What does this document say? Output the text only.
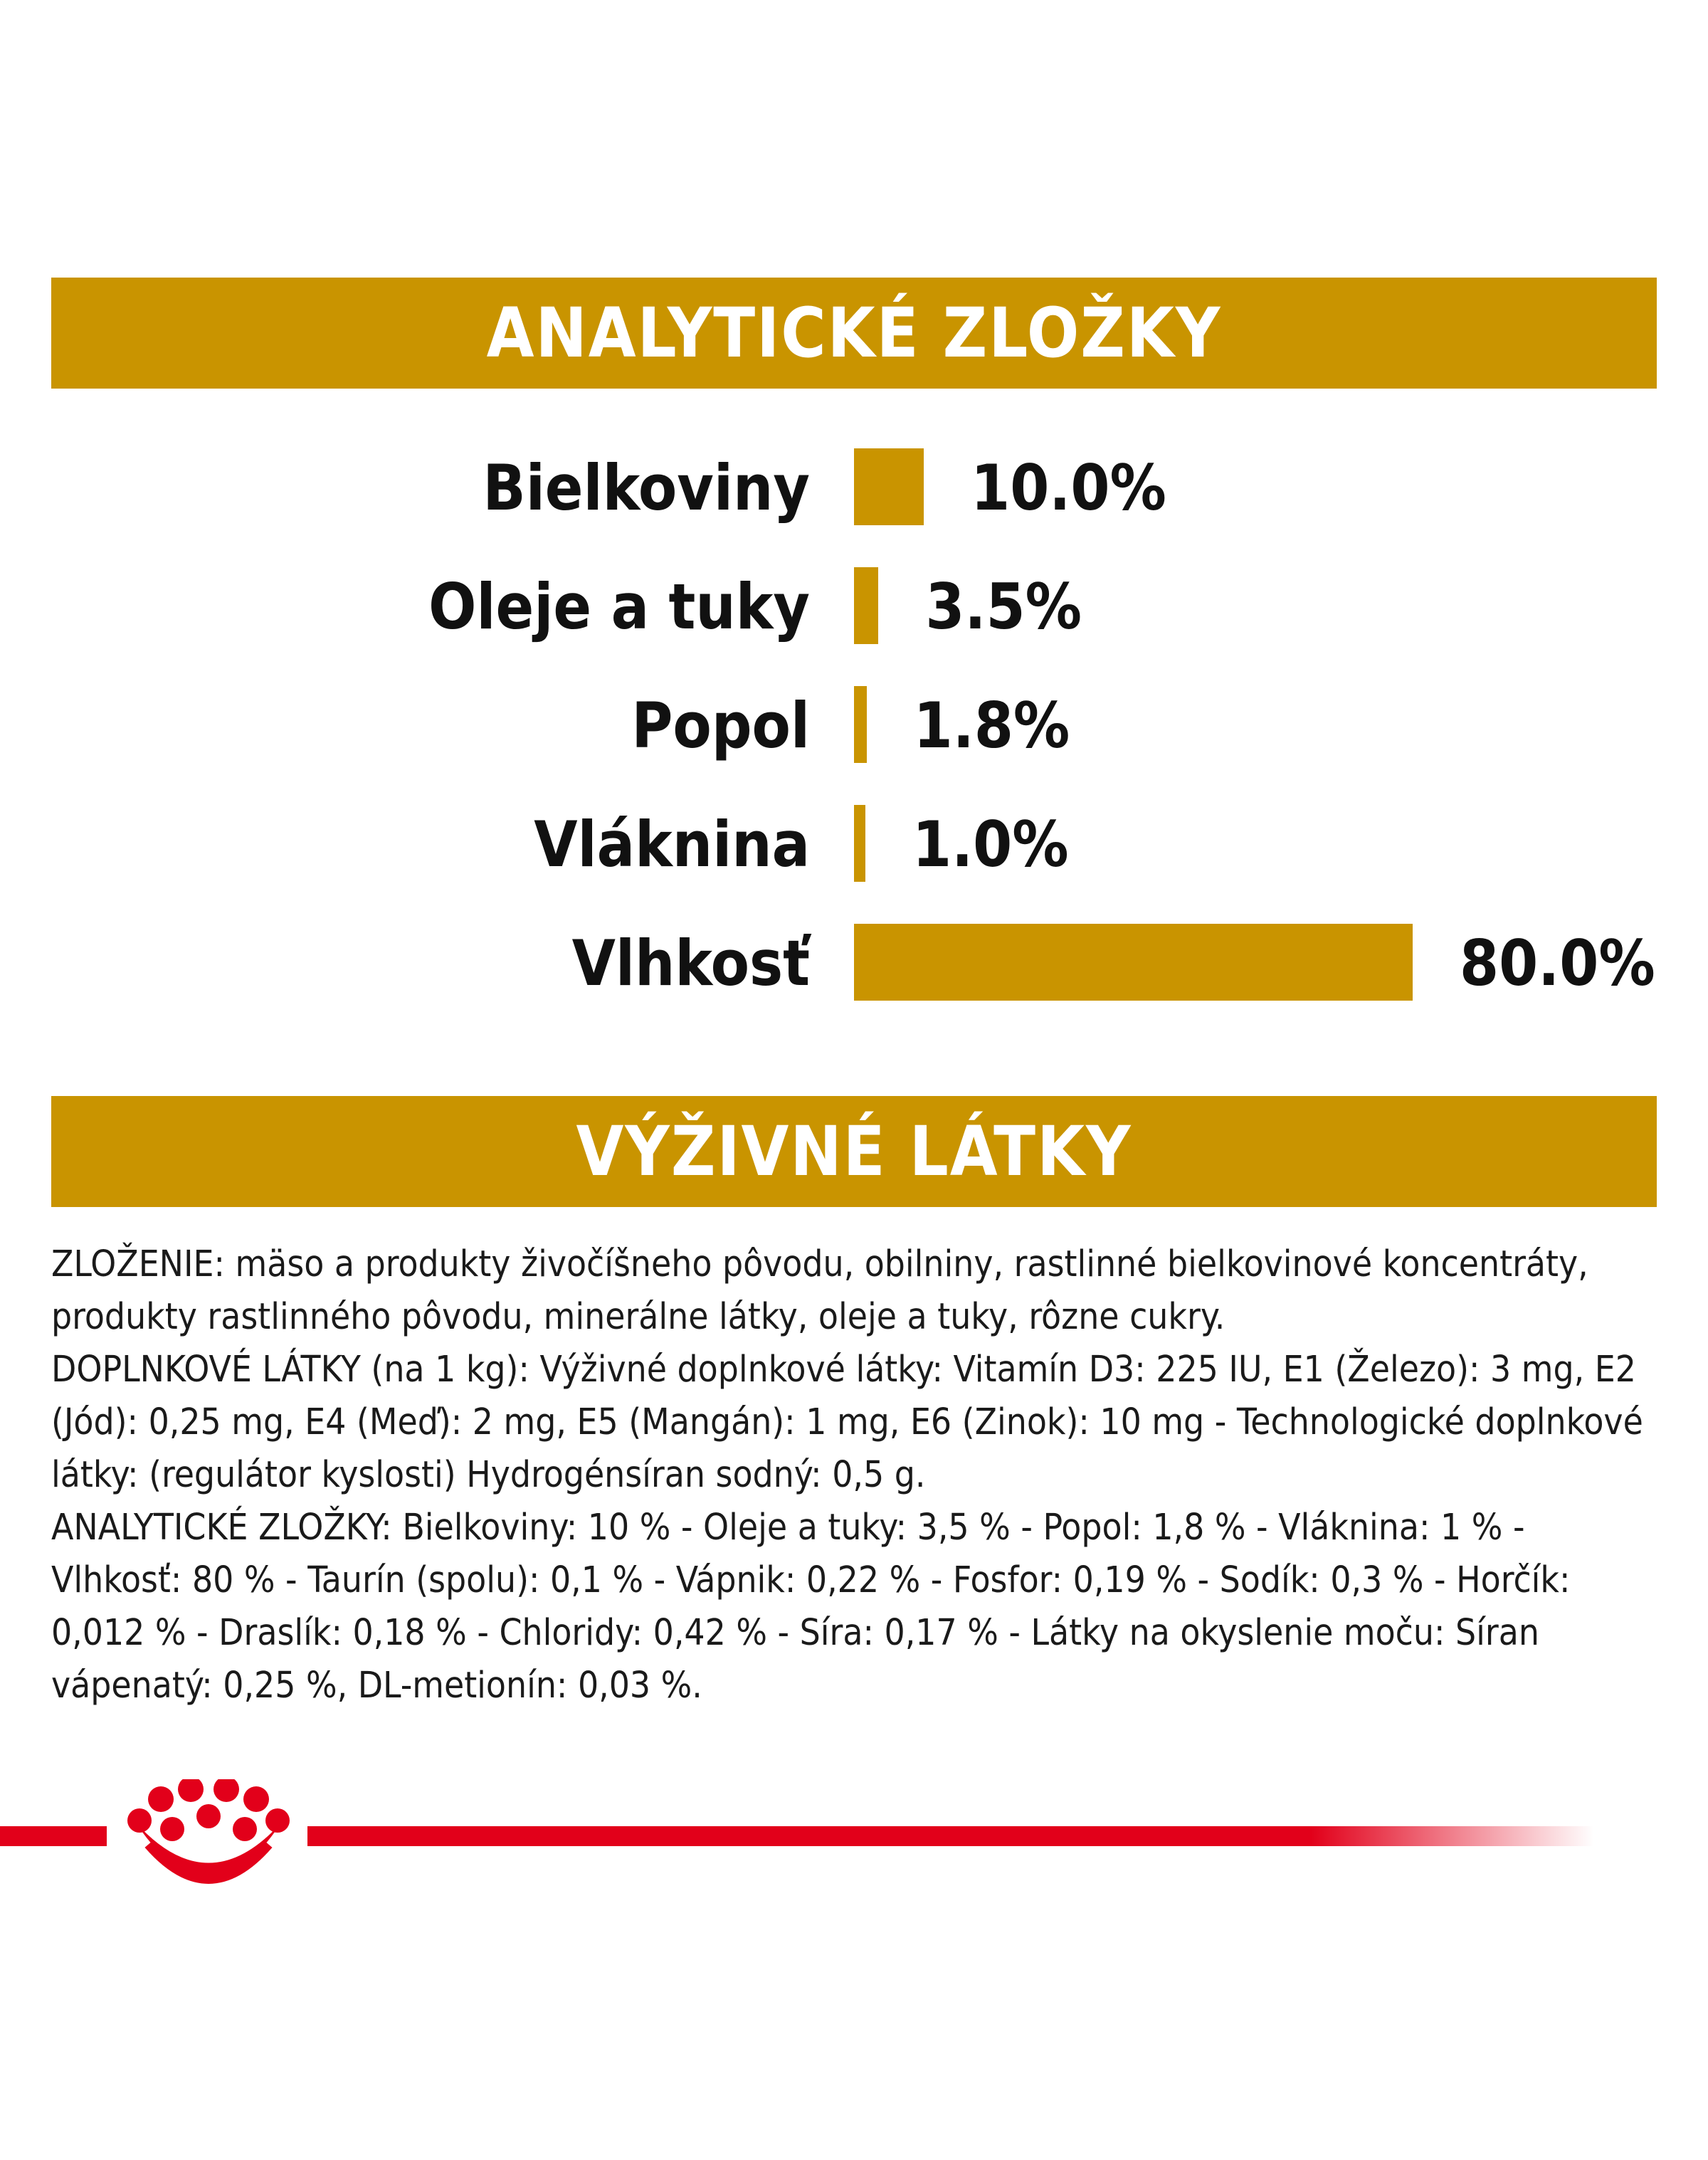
ANALYTICKÉ ZLOŽKY
Bielkoviny	10.0%
Oleje a tuky 3.5%
Popol 1.8%
Vláknina 1.0%
Vlhkosť	80.0%
VÝŽIVNÉ LÁTKY

ZLOŽENIE: mäso a produkty živočíšneho pôvodu, obilniny, rastlinné bielkovinové koncentráty, produkty rastlinného pôvodu, minerálne látky, oleje a tuky, rôzne cukry.

DOPLNKOVÉ LÁTKY (na 1 kg): Výživné doplnkové látky: Vitamín D3: 225 IU, E1 (Železo): 3 mg, E2 (Jód): 0,25 mg, E4 (Meď): 2 mg, E5 (Mangán): 1 mg, E6 (Zinok): 10 mg - Technologické doplnkové látky: (regulátor kyslosti) Hydrogénsíran sodný: 0,5 g.

ANALYTICKÉ ZLOŽKY: Bielkoviny: 10 % - Oleje a tuky: 3,5 % - Popol: 1,8 % - Vláknina: 1 % - Vlhkosť: 80 % - Taurín (spolu): 0,1 % - Vápnik: 0,22 % - Fosfor: 0,19 % - Sodík: 0,3 % - Horčík: 0,012 % - Draslík: 0,18 % - Chloridy: 0,42 % - Síra: 0,17 % - Látky na okyslenie moču: Síran vápenatý: 0,25 %, DL-metionín: 0,03 %.
